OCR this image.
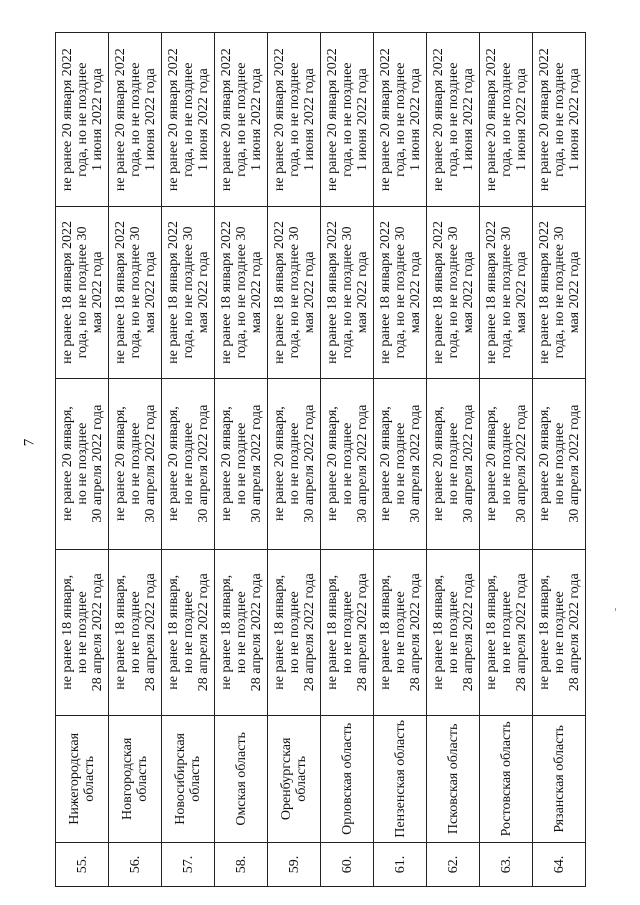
7
55.	Нижегородская область	не ранее 18 января, но не позднее 28 апреля 2022 года	не ранее 20 января, но не позднее 30 апреля 2022 года	не ранее 18 января 2022 года, но не позднее 30 мая 2022 года	не ранее 20 января 2022 года, но не позднее 1 июня 2022 года

56.	Новгородская область	не ранее 18 января, но не позднее 28 апреля 2022 года	не ранее 20 января, но не позднее 30 апреля 2022 года	не ранее 18 января 2022 года, но не позднее 30 мая 2022 года	не ранее 20 января 2022 года, но не позднее 1 июня 2022 года

57.	Новосибирская область	не ранее 18 января, но не позднее 28 апреля 2022 года	не ранее 20 января, но не позднее 30 апреля 2022 года	не ранее 18 января 2022 года, но не позднее 30 мая 2022 года	не ранее 20 января 2022 года, но не позднее 1 июня 2022 года

58.	Омская область	не ранее 18 января, но не позднее 28 апреля 2022 года	не ранее 20 января, но не позднее 30 апреля 2022 года	не ранее 18 января 2022 года, но не позднее 30 мая 2022 года	не ранее 20 января 2022 года, но не позднее 1 июня 2022 года

59.	Оренбургская область	не ранее 18 января, но не позднее 28 апреля 2022 года	не ранее 20 января, но не позднее 30 апреля 2022 года	не ранее 18 января 2022 года, но не позднее 30 мая 2022 года	не ранее 20 января 2022 года, но не позднее 1 июня 2022 года

60.	Орловская область	не ранее 18 января, но не позднее 28 апреля 2022 года	не ранее 20 января, но не позднее 30 апреля 2022 года	не ранее 18 января 2022 года, но не позднее 30 мая 2022 года	не ранее 20 января 2022 года, но не позднее 1 июня 2022 года

61.	Пензенская область	не ранее 18 января, но не позднее 28 апреля 2022 года	не ранее 20 января, но не позднее 30 апреля 2022 года	не ранее 18 января 2022 года, но не позднее 30 мая 2022 года	не ранее 20 января 2022 года, но не позднее 1 июня 2022 года

62.	Псковская область	не ранее 18 января, но не позднее 28 апреля 2022 года	не ранее 20 января, но не позднее 30 апреля 2022 года	не ранее 18 января 2022 года, но не позднее 30 мая 2022 года	не ранее 20 января 2022 года, но не позднее 1 июня 2022 года

63.	Ростовская область	не ранее 18 января, но не позднее 28 апреля 2022 года	не ранее 20 января, но не позднее 30 апреля 2022 года	не ранее 18 января 2022 года, но не позднее 30 мая 2022 года	не ранее 20 января 2022 года, но не позднее 1 июня 2022 года

64.	Рязанская область	не ранее 18 января, но не позднее 28 апреля 2022 года	не ранее 20 января, но не позднее 30 апреля 2022 года	не ранее 18 января 2022 года, но не позднее 30 мая 2022 года	не ранее 20 января 2022 года, но не позднее 1 июня 2022 года
